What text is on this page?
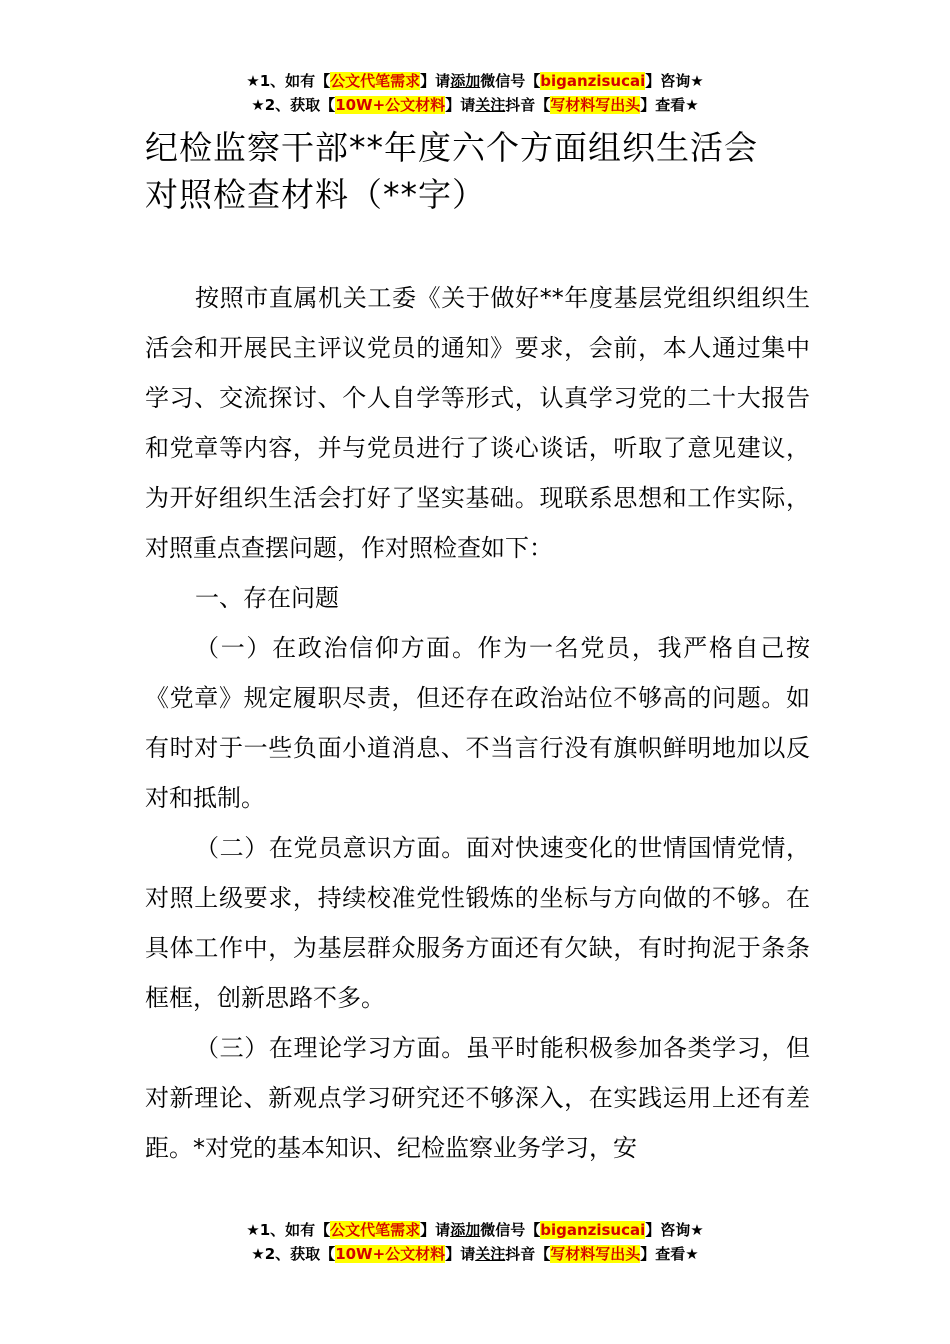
★1、如有【公文代笔需求】请添加微信号【biganzisucai】咨询★
★2、获取【10W+公文材料】请关注抖音【写材料写出头】查看★
纪检监察干部**年度六个方面组织生活会
对照检查材料（**字）

按照市直属机关工委《关于做好**年度基层党组织组织生活会和开展民主评议党员的通知》要求，会前，本人通过集中学习、交流探讨、个人自学等形式，认真学习党的二十大报告和党章等内容，并与党员进行了谈心谈话，听取了意见建议，为开好组织生活会打好了坚实基础。现联系思想和工作实际，对照重点查摆问题，作对照检查如下：

一、存在问题

（一）在政治信仰方面。作为一名党员，我严格自己按《党章》规定履职尽责，但还存在政治站位不够高的问题。如有时对于一些负面小道消息、不当言行没有旗帜鲜明地加以反对和抵制。

（二）在党员意识方面。面对快速变化的世情国情党情，对照上级要求，持续校准党性锻炼的坐标与方向做的不够。在具体工作中，为基层群众服务方面还有欠缺，有时拘泥于条条框框，创新思路不多。

（三）在理论学习方面。虽平时能积极参加各类学习，但对新理论、新观点学习研究还不够深入，在实践运用上还有差距。*对党的基本知识、纪检监察业务学习，安

★1、如有【公文代笔需求】请添加微信号【biganzisucai】咨询★
★2、获取【10W+公文材料】请关注抖音【写材料写出头】查看★
